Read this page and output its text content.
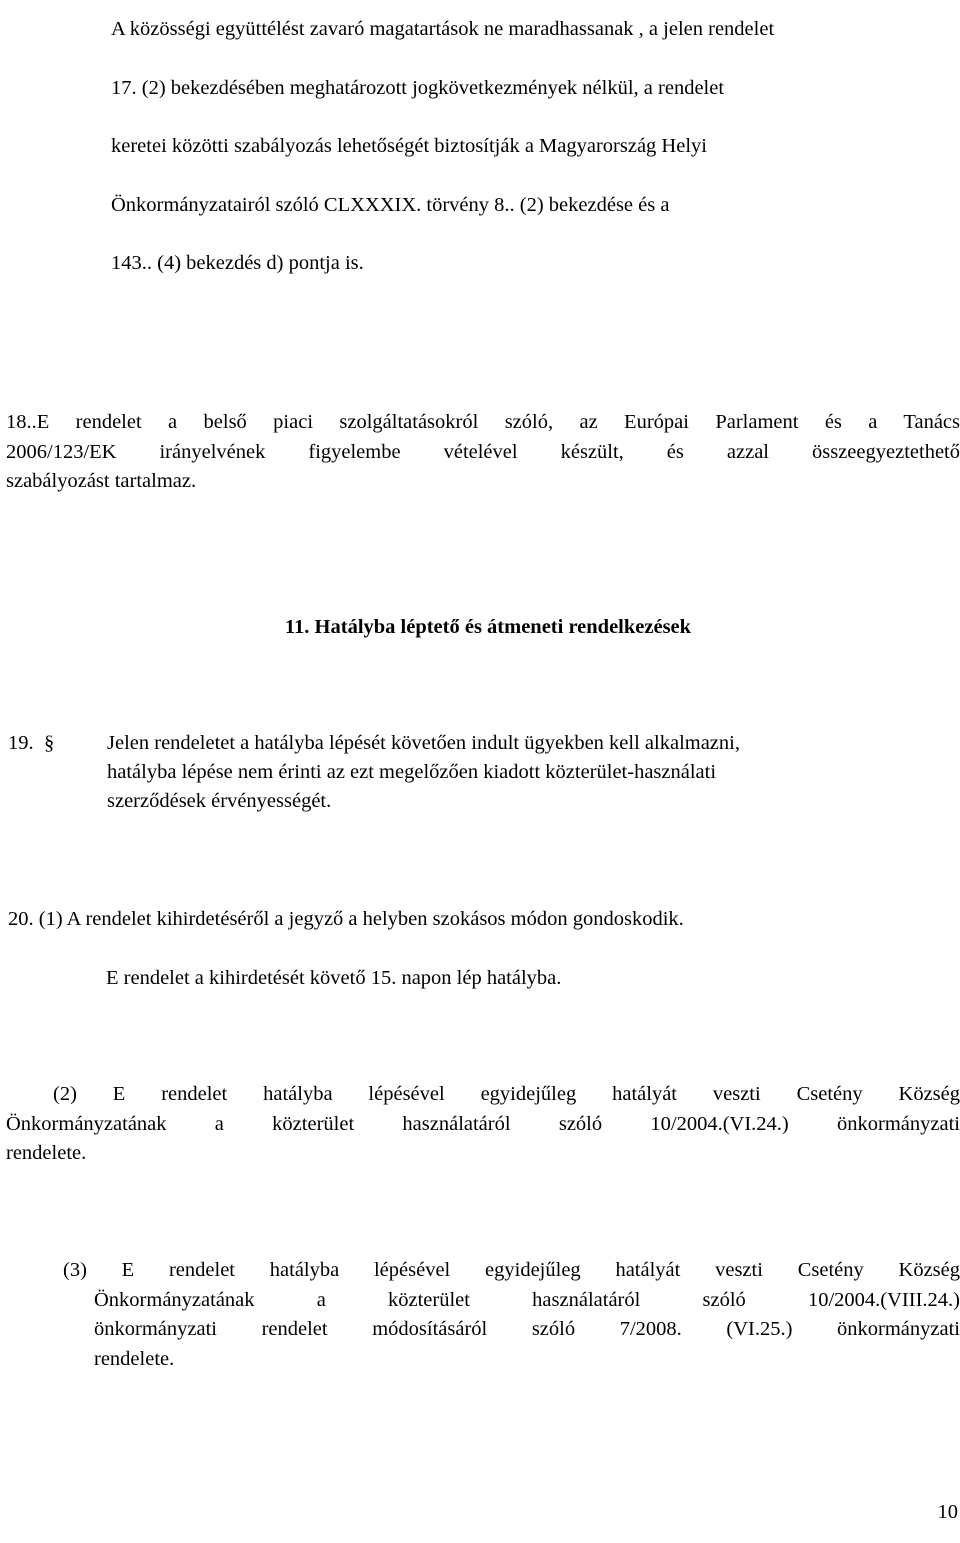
A közösségi együttélést zavaró magatartások ne maradhassanak , a jelen rendelet
17. (2) bekezdésében meghatározott jogkövetkezmények nélkül, a rendelet
keretei közötti szabályozás lehetőségét biztosítják a Magyarország Helyi
Önkormányzatairól szóló CLXXXIX. törvény 8.. (2) bekezdése és a
143.. (4) bekezdés d) pontja is.
18..E rendelet a belső piaci szolgáltatásokról szóló, az Európai Parlament és a Tanács
2006/123/EK irányelvének figyelembe vételével készült, és azzal összeegyeztethető
szabályozást tartalmaz.
11. Hatályba léptető és átmeneti rendelkezések
19. §	Jelen rendeletet a hatályba lépését követően indult ügyekben kell alkalmazni,
hatályba lépése nem érinti az ezt megelőzően kiadott közterület-használati
szerződések érvényességét.
20. (1) A rendelet kihirdetéséről a jegyző a helyben szokásos módon gondoskodik.
E rendelet a kihirdetését követő 15. napon lép hatályba.
(2) E rendelet hatályba lépésével egyidejűleg hatályát veszti Csetény Község
Önkormányzatának a közterület használatáról szóló 10/2004.(VI.24.) önkormányzati
rendelete.
(3) E rendelet hatályba lépésével egyidejűleg hatályát veszti Csetény Község
Önkormányzatának a közterület használatáról szóló 10/2004.(VIII.24.)
önkormányzati rendelet módosításáról szóló 7/2008. (VI.25.) önkormányzati
rendelete.
10
